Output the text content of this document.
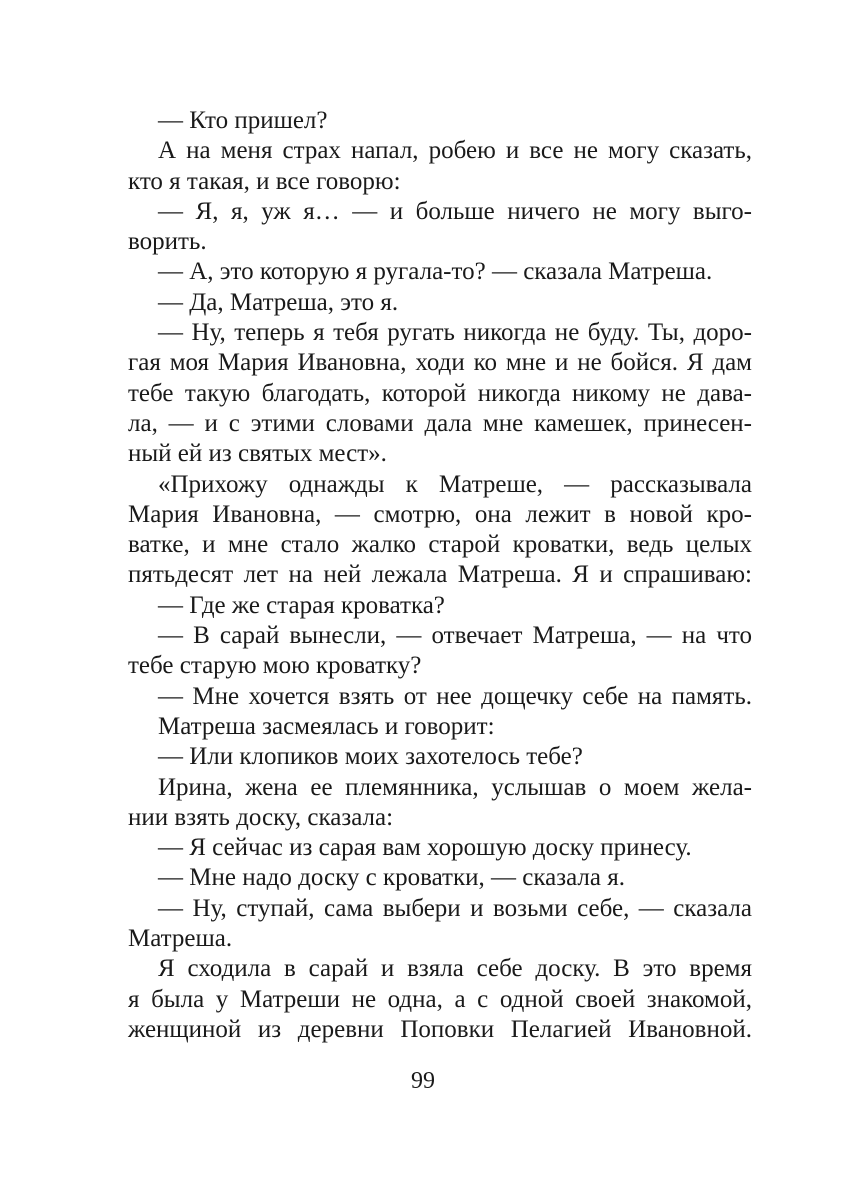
— Кто пришел?
А на меня страх напал, робею и все не могу сказать,
кто я такая, и все говорю:
— Я, я, уж я… — и больше ничего не могу выго-
ворить.
— А, это которую я ругала-то? — сказала Матреша.
— Да, Матреша, это я.
— Ну, теперь я тебя ругать никогда не буду. Ты, доро-
гая моя Мария Ивановна, ходи ко мне и не бойся. Я дам
тебе такую благодать, которой никогда никому не дава-
ла, — и с этими словами дала мне камешек, принесен-
ный ей из святых мест».
«Прихожу однажды к Матреше, — рассказывала
Мария Ивановна, — смотрю, она лежит в новой кро-
ватке, и мне стало жалко старой кроватки, ведь целых
пятьдесят лет на ней лежала Матреша. Я и спрашиваю:
— Где же старая кроватка?
— В сарай вынесли, — отвечает Матреша, — на что
тебе старую мою кроватку?
— Мне хочется взять от нее дощечку себе на память.
Матреша засмеялась и говорит:
— Или клопиков моих захотелось тебе?
Ирина, жена ее племянника, услышав о моем жела-
нии взять доску, сказала:
— Я сейчас из сарая вам хорошую доску принесу.
— Мне надо доску с кроватки, — сказала я.
— Ну, ступай, сама выбери и возьми себе, — сказала
Матреша.
Я сходила в сарай и взяла себе доску. В это время
я была у Матреши не одна, а с одной своей знакомой,
женщиной из деревни Поповки Пелагией Ивановной.
99
